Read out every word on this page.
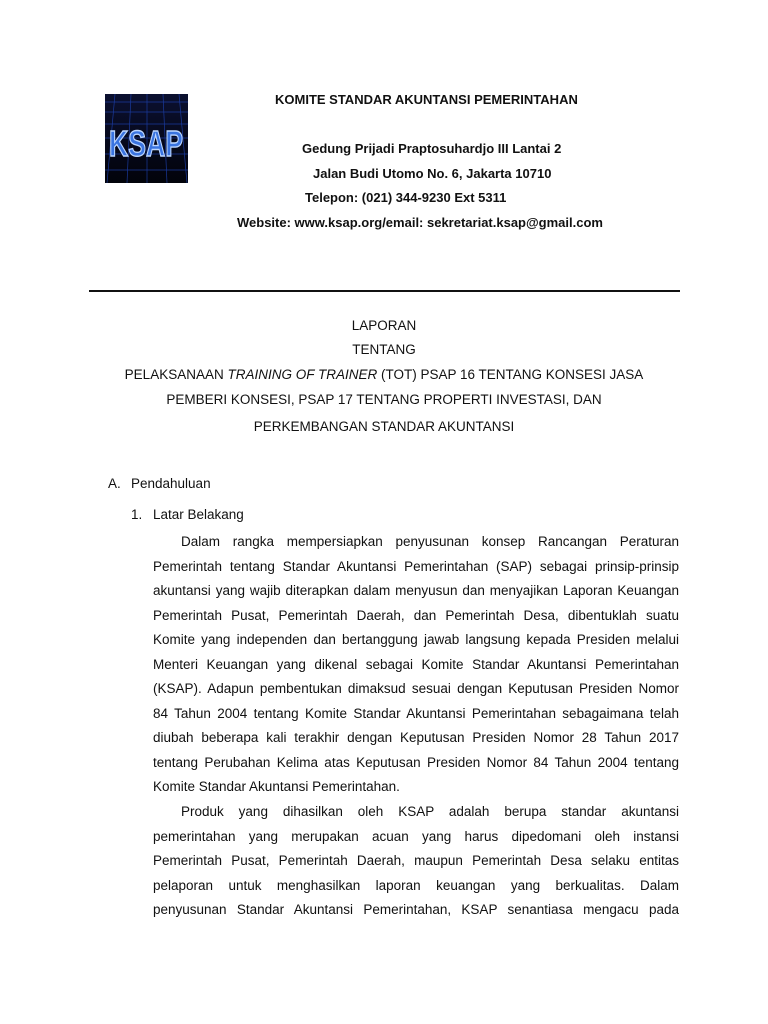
KSAP
KOMITE STANDAR AKUNTANSI PEMERINTAHAN
Gedung Prijadi Praptosuhardjo III Lantai 2
Jalan Budi Utomo No. 6, Jakarta 10710
Telepon: (021) 344-9230 Ext 5311
Website: www.ksap.org/email: sekretariat.ksap@gmail.com
LAPORAN
TENTANG
PELAKSANAAN TRAINING OF TRAINER (TOT) PSAP 16 TENTANG KONSESI JASA
PEMBERI KONSESI, PSAP 17 TENTANG PROPERTI INVESTASI, DAN
PERKEMBANGAN STANDAR AKUNTANSI
A. Pendahuluan
1. Latar Belakang
Dalam rangka mempersiapkan penyusunan konsep Rancangan Peraturan
Pemerintah tentang Standar Akuntansi Pemerintahan (SAP) sebagai prinsip-prinsip
akuntansi yang wajib diterapkan dalam menyusun dan menyajikan Laporan Keuangan
Pemerintah Pusat, Pemerintah Daerah, dan Pemerintah Desa, dibentuklah suatu
Komite yang independen dan bertanggung jawab langsung kepada Presiden melalui
Menteri Keuangan yang dikenal sebagai Komite Standar Akuntansi Pemerintahan
(KSAP). Adapun pembentukan dimaksud sesuai dengan Keputusan Presiden Nomor
84 Tahun 2004 tentang Komite Standar Akuntansi Pemerintahan sebagaimana telah
diubah beberapa kali terakhir dengan Keputusan Presiden Nomor 28 Tahun 2017
tentang Perubahan Kelima atas Keputusan Presiden Nomor 84 Tahun 2004 tentang
Komite Standar Akuntansi Pemerintahan.
Produk yang dihasilkan oleh KSAP adalah berupa standar akuntansi
pemerintahan yang merupakan acuan yang harus dipedomani oleh instansi
Pemerintah Pusat, Pemerintah Daerah, maupun Pemerintah Desa selaku entitas
pelaporan untuk menghasilkan laporan keuangan yang berkualitas. Dalam
penyusunan Standar Akuntansi Pemerintahan, KSAP senantiasa mengacu pada
